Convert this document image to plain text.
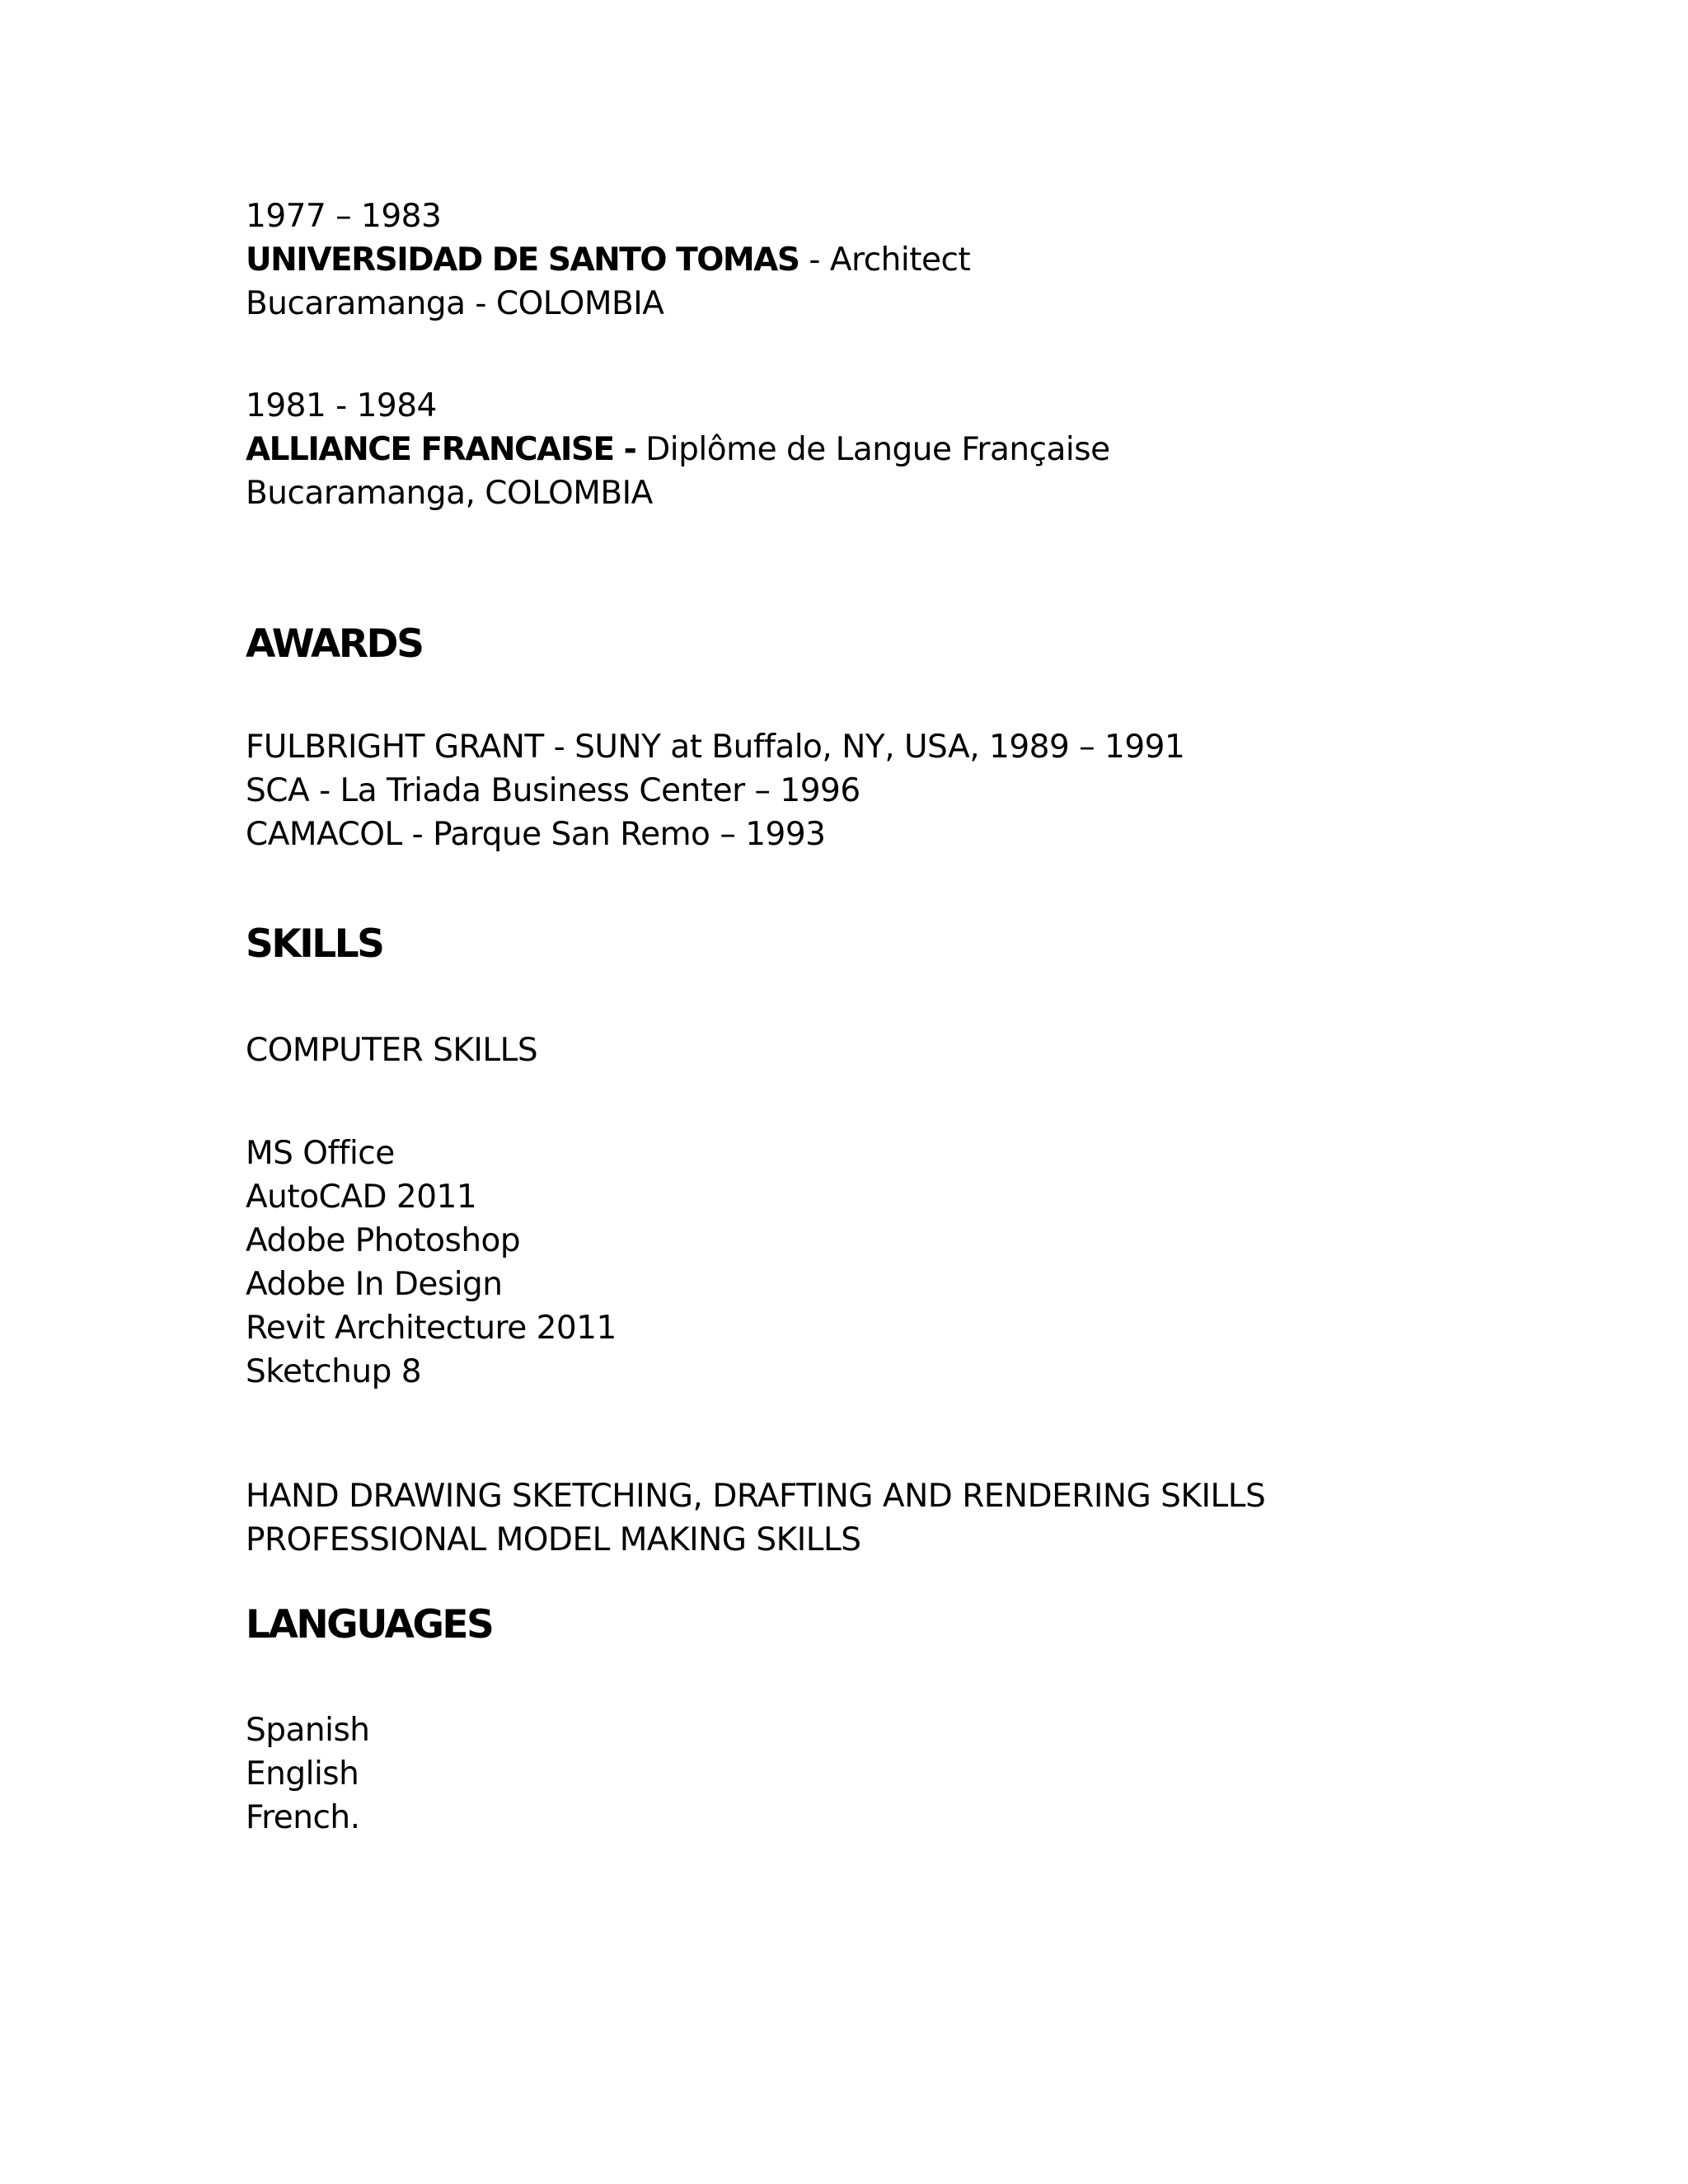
1977 – 1983
UNIVERSIDAD DE SANTO TOMAS - Architect
Bucaramanga - COLOMBIA
1981 - 1984
ALLIANCE FRANCAISE - Diplôme de Langue Française
Bucaramanga, COLOMBIA
AWARDS
FULBRIGHT GRANT - SUNY at Buffalo, NY, USA, 1989 – 1991
SCA - La Triada Business Center – 1996
CAMACOL - Parque San Remo – 1993
SKILLS
COMPUTER SKILLS
MS Office
AutoCAD 2011
Adobe Photoshop
Adobe In Design
Revit Architecture 2011
Sketchup 8
HAND DRAWING SKETCHING, DRAFTING AND RENDERING SKILLS
PROFESSIONAL MODEL MAKING SKILLS
LANGUAGES
Spanish
English
French.
